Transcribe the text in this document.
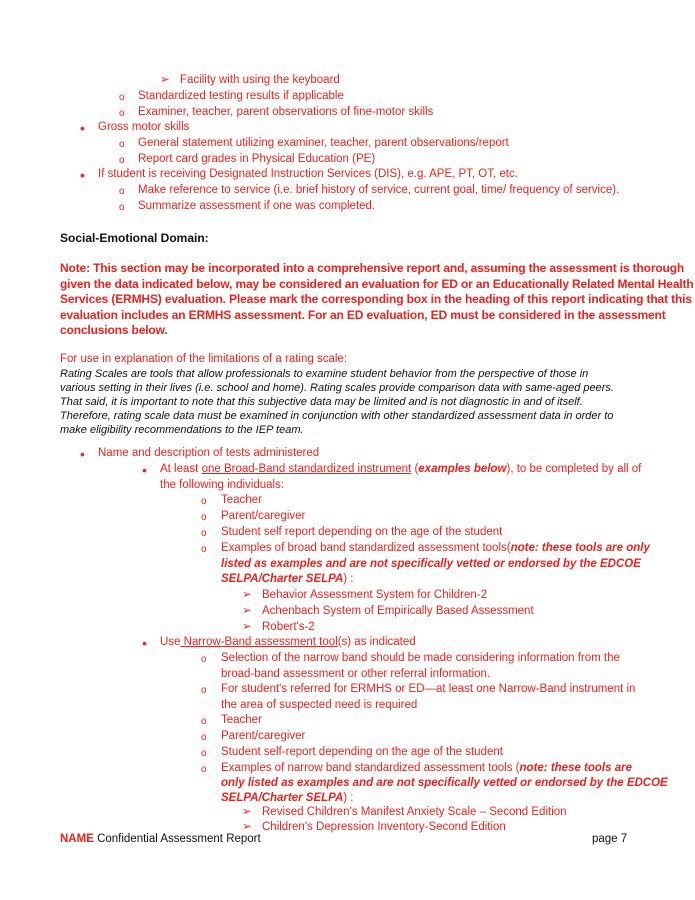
➢ Facility with using the keyboard
o Standardized testing results if applicable
o Examiner, teacher, parent observations of fine-motor skills
• Gross motor skills
o General statement utilizing examiner, teacher, parent observations/report
o Report card grades in Physical Education (PE)
• If student is receiving Designated Instruction Services (DIS), e.g. APE, PT, OT, etc.
o Make reference to service (i.e. brief history of service, current goal, time/ frequency of service).
o Summarize assessment if one was completed.
Social-Emotional Domain:
Note: This section may be incorporated into a comprehensive report and, assuming the assessment is thorough
given the data indicated below, may be considered an evaluation for ED or an Educationally Related Mental Health
Services (ERMHS) evaluation. Please mark the corresponding box in the heading of this report indicating that this
evaluation includes an ERMHS assessment. For an ED evaluation, ED must be considered in the assessment
conclusions below.
For use in explanation of the limitations of a rating scale:
Rating Scales are tools that allow professionals to examine student behavior from the perspective of those in
various setting in their lives (i.e. school and home). Rating scales provide comparison data with same-aged peers.
That said, it is important to note that this subjective data may be limited and is not diagnostic in and of itself.
Therefore, rating scale data must be examined in conjunction with other standardized assessment data in order to
make eligibility recommendations to the IEP team.
• Name and description of tests administered
• At least one Broad-Band standardized instrument (examples below), to be completed by all of
the following individuals:
o Teacher
o Parent/caregiver
o Student self report depending on the age of the student
o Examples of broad band standardized assessment tools(note: these tools are only
listed as examples and are not specifically vetted or endorsed by the EDCOE
SELPA/Charter SELPA) :
➢ Behavior Assessment System for Children-2
➢ Achenbach System of Empirically Based Assessment
➢ Robert's-2
• Use Narrow-Band assessment tool(s) as indicated
o Selection of the narrow band should be made considering information from the
broad-band assessment or other referral information.
o For student's referred for ERMHS or ED—at least one Narrow-Band instrument in
the area of suspected need is required
o Teacher
o Parent/caregiver
o Student self-report depending on the age of the student
o Examples of narrow band standardized assessment tools (note: these tools are
only listed as examples and are not specifically vetted or endorsed by the EDCOE
SELPA/Charter SELPA) :
➢ Revised Children's Manifest Anxiety Scale – Second Edition
➢ Children's Depression Inventory-Second Edition
NAME Confidential Assessment Report	page 7
